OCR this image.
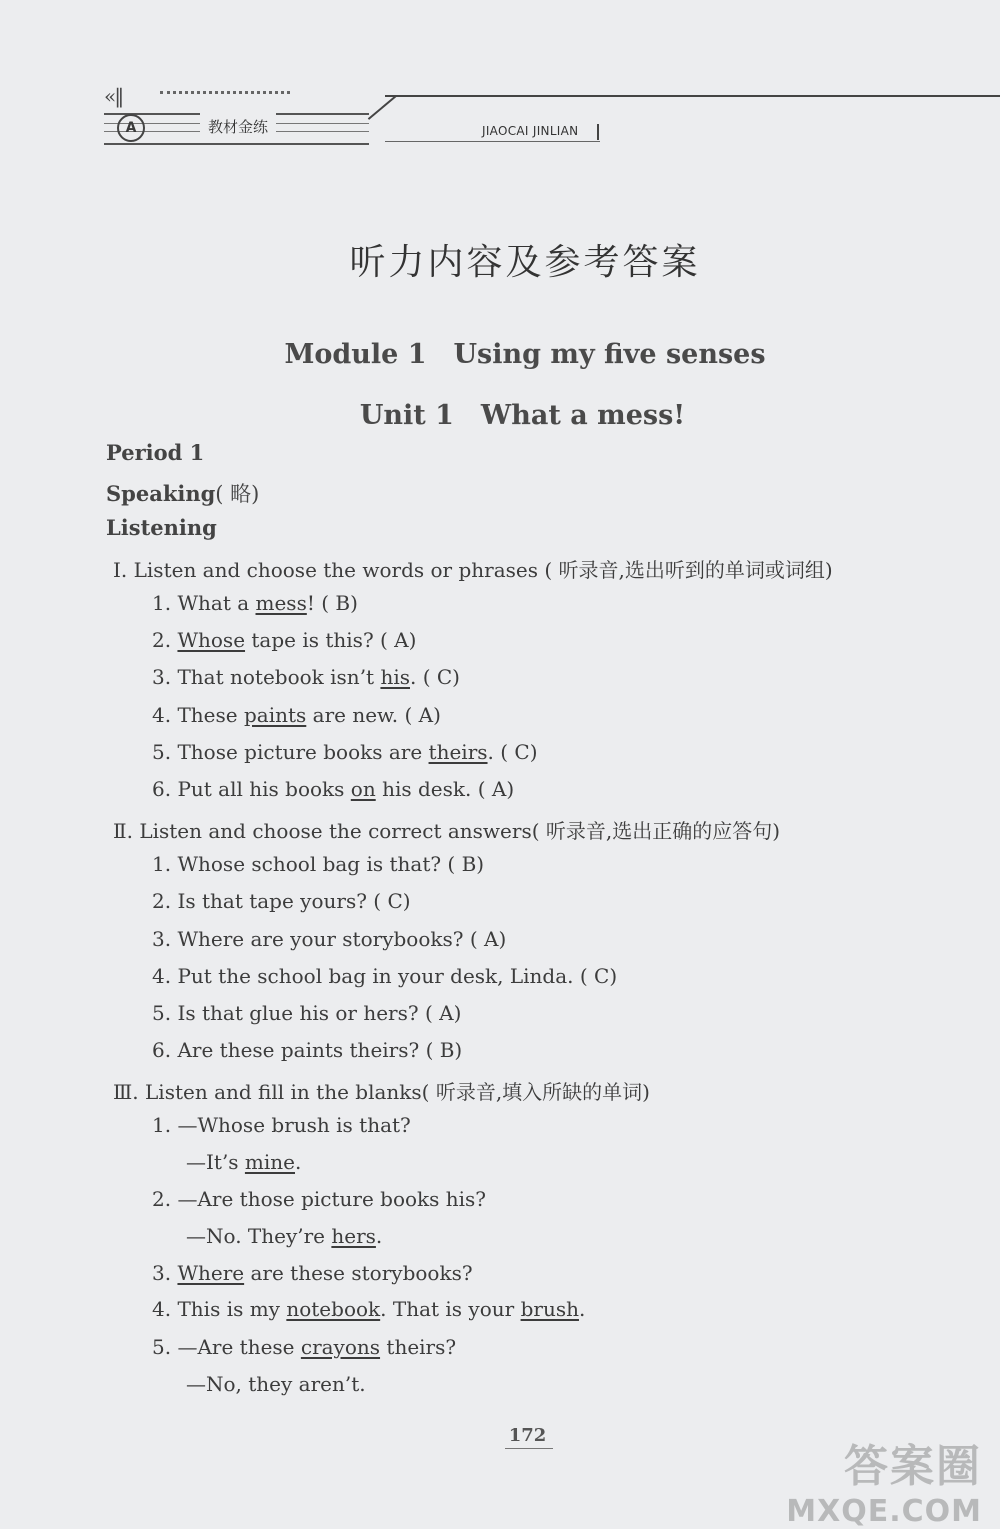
«‖
A	教材金练	JIAOCAI JINLIAN
听力内容及参考答案
Module 1　Using my five senses
Unit 1　What a mess!
Period 1
Speaking( 略)
Listening
Ⅰ. Listen and choose the words or phrases ( 听录音,选出听到的单词或词组)
1. What a mess! ( B)
2. Whose tape is this? ( A)
3. That notebook isn’t his. ( C)
4. These paints are new. ( A)
5. Those picture books are theirs. ( C)
6. Put all his books on his desk. ( A)
Ⅱ. Listen and choose the correct answers( 听录音,选出正确的应答句)
1. Whose school bag is that? ( B)
2. Is that tape yours? ( C)
3. Where are your storybooks? ( A)
4. Put the school bag in your desk, Linda. ( C)
5. Is that glue his or hers? ( A)
6. Are these paints theirs? ( B)
Ⅲ. Listen and fill in the blanks( 听录音,填入所缺的单词)
1. —Whose brush is that?
—It’s mine.
2. —Are those picture books his?
—No. They’re hers.
3. Where are these storybooks?
4. This is my notebook. That is your brush.
5. —Are these crayons theirs?
—No, they aren’t.
172
答案圈
MXQE.COM
